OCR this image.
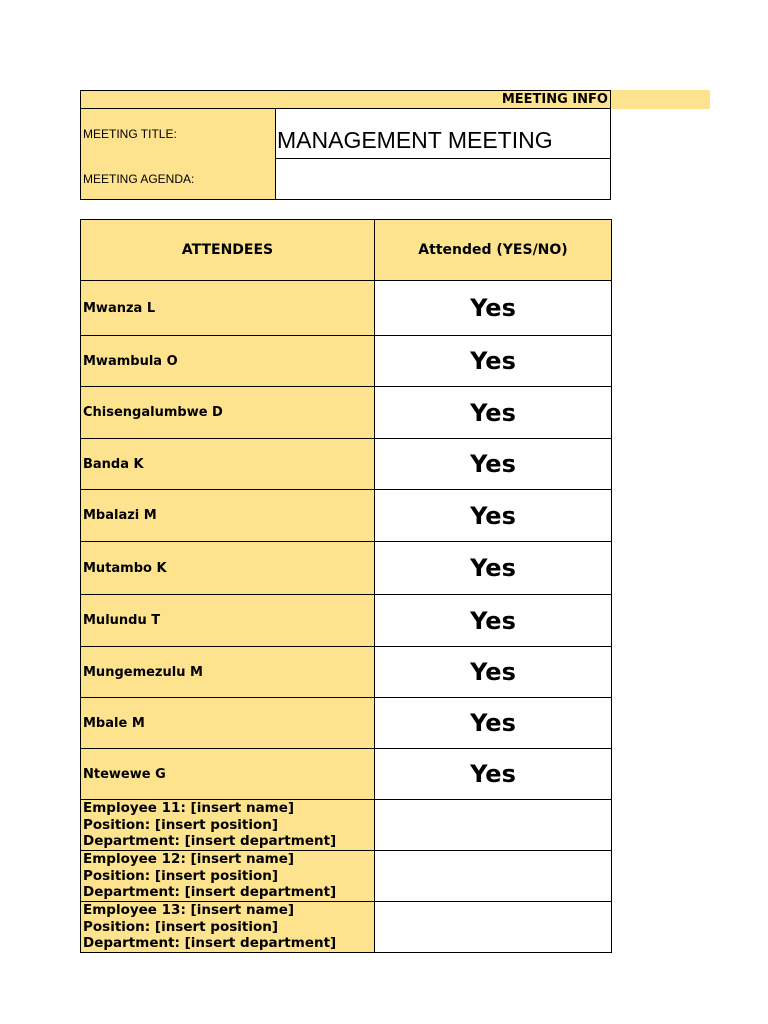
MEETING INFO
MEETING TITLE:	MANAGEMENT MEETING
MEETING AGENDA:
ATTENDEES	Attended (YES/NO)
Mwanza L	Yes
Mwambula O	Yes
Chisengalumbwe D	Yes
Banda K	Yes
Mbalazi M	Yes
Mutambo K	Yes
Mulundu T	Yes
Mungemezulu M	Yes
Mbale M	Yes
Ntewewe G	Yes

Employee 11: [insert name]
Position: [insert position]
Department: [insert department]	

Employee 12: [insert name]
Position: [insert position]
Department: [insert department]	

Employee 13: [insert name]
Position: [insert position]
Department: [insert department]	
